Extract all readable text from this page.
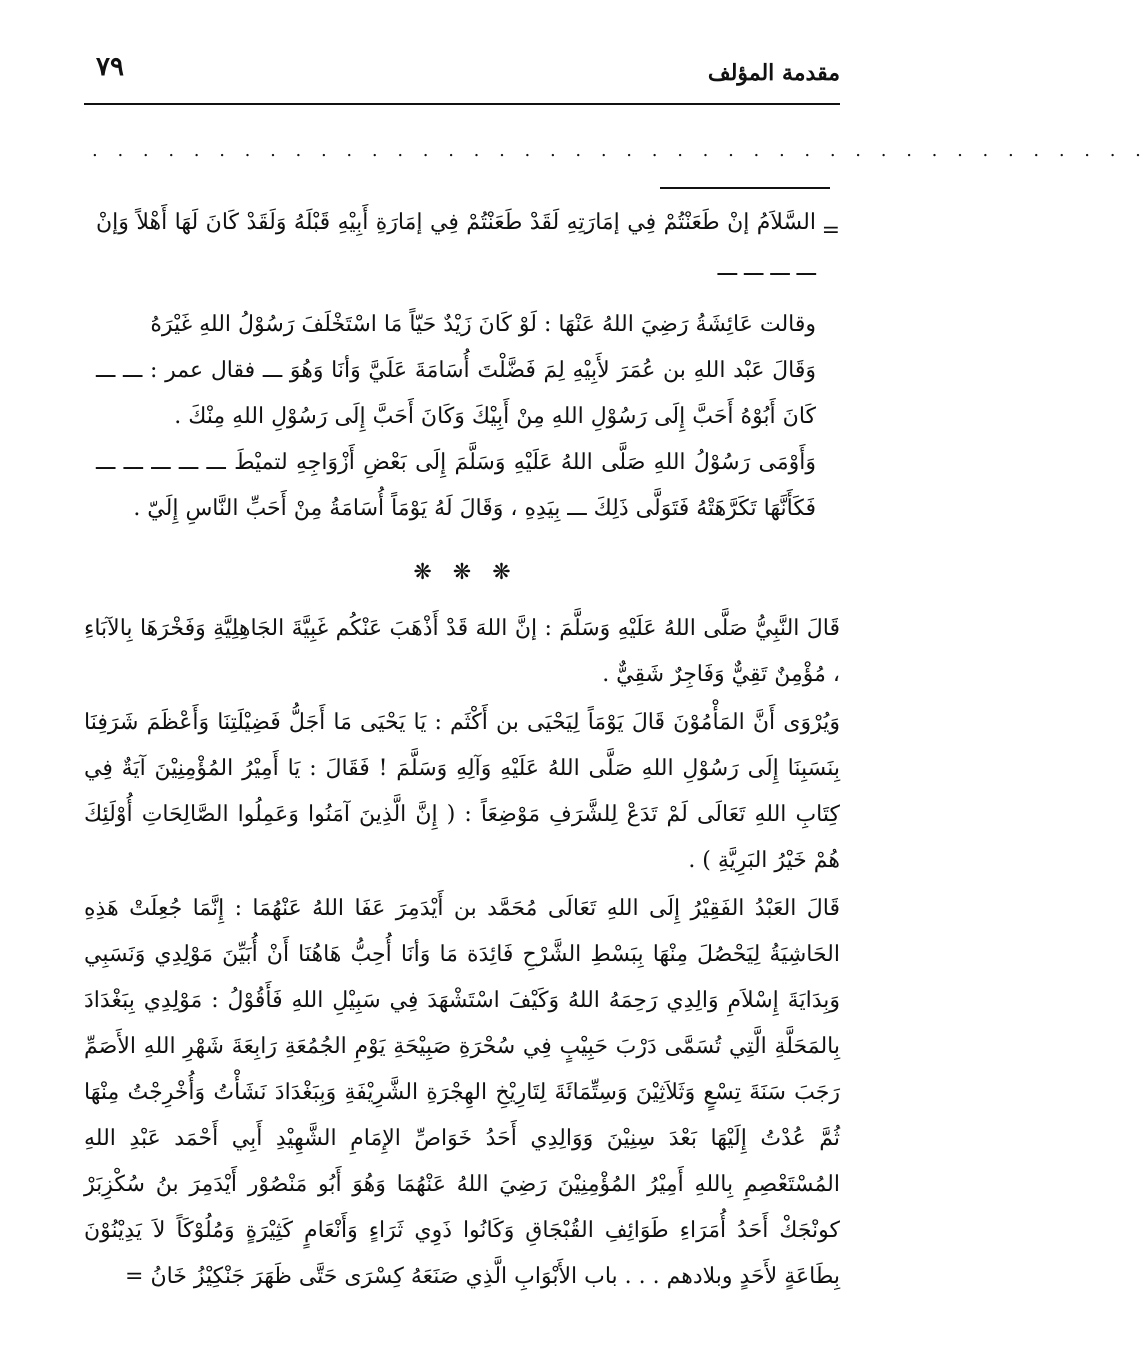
مقدمة المؤلف
٧٩
. . . . . . . . . . . . . . . . . . . . . . . . . . . . . . . . . . . . . . . . . .
=
السَّلاَمُ إنْ طَعَنْتُمْ فِي إمَارَتِهِ لَقَدْ طَعَنْتُمْ فِي إمَارَةِ أَبِيْهِ قَبْلَهُ وَلَقَدْ كَانَ لَهَا أَهْلاً وَإنْ ـــ ـــ ـــ ـــ
وقالت عَائِشَةُ رَضِيَ اللهُ عَنْهَا : لَوْ كَانَ زَيْدٌ حَيّاً مَا اسْتَخْلَفَ رَسُوْلُ اللهِ غَيْرَهُ
وَقَالَ عَبْد اللهِ بن عُمَرَ لأَبِيْهِ لِمَ فَضَّلْتَ أُسَامَةَ عَلَيَّ وَأنَا وَهُوَ ـــ فقال عمر : ـــ ـــ كَانَ أَبُوْهُ أَحَبَّ إِلَى رَسُوْلِ اللهِ مِنْ أَبِيْكَ وَكَانَ أَحَبَّ إِلَى رَسُوْلِ اللهِ مِنْكَ .
وَأَوْمَى رَسُوْلُ اللهِ صَلَّى اللهُ عَلَيْهِ وَسَلَّمَ إِلَى بَعْضِ أَزْوَاجِهِ لتميْطَ ـــ ـــ ـــ ـــ ـــ فَكَأَنَّهَا تَكَرَّهَتْهُ فَتَوَلَّى ذَلِكَ ـــ بِيَدِهِ ، وَقَالَ لَهُ يَوْمَاً أُسَامَةُ مِنْ أَحَبِّ النَّاسِ إِلَيّ .
❋ ❋ ❋
قَالَ النَّبِيُّ صَلَّى اللهُ عَلَيْهِ وَسَلَّمَ : إنَّ اللهَ قَدْ أَذْهَبَ عَنْكُم غَبِيَّةَ الجَاهِلِيَّةِ وَفَخْرَهَا بِالآبَاءِ ، مُؤْمِنٌ تَقِيٌّ وَفَاجِرٌ شَقِيٌّ .
وَيُرْوَى أَنَّ المَأْمُوْنَ قَالَ يَوْمَاً لِيَحْيَى بن أَكْثَم : يَا يَحْيَى مَا أَجَلُّ فَضِيْلَتِنَا وَأَعْظَمَ شَرَفِنَا بِنَسَبِنَا إِلَى رَسُوْلِ اللهِ صَلَّى اللهُ عَلَيْهِ وَآلِهِ وَسَلَّمَ ! فَقَالَ : يَا أَمِيْرُ المُؤْمِنِيْنَ آيَةٌ فِي كِتَابِ اللهِ تَعَالَى لَمْ تَدَعْ لِلشَّرَفِ مَوْضِعَاً : ( إِنَّ الَّذِينَ آمَنُوا وَعَمِلُوا الصَّالِحَاتِ أُوْلَئِكَ هُمْ خَيْرُ البَرِيَّةِ ) .
قَالَ العَبْدُ الفَقِيْرُ إِلَى اللهِ تَعَالَى مُحَمَّد بن أَيْدَمِرَ عَفَا اللهُ عَنْهُمَا : إِنَّمَا جُعِلَتْ هَذِهِ الحَاشِيَةُ لِيَحْصُلَ مِنْهَا بِبَسْطِ الشَّرْحِ فَائِدَة مَا وَأنَا أُحِبُّ هَاهُنَا أَنْ أُبَيِّنَ مَوْلِدِي وَنَسَبِي وَبِدَايَةَ إِسْلاَمِ وَالِدِي رَحِمَهُ اللهُ وَكَيْفَ اسْتَشْهَدَ فِي سَبِيْلِ اللهِ فَأَقُوْلُ : مَوْلِدِي بِبَغْدَادَ بِالمَحَلَّةِ الَّتِي تُسَمَّى دَرْبَ حَبِيْبٍ فِي سُحْرَةِ صَبِيْحَةِ يَوْمِ الجُمُعَةِ رَابِعَةَ شَهْرِ اللهِ الأَصَمِّ رَجَبَ سَنَةَ تِسْعٍ وَثَلاَثِيْنَ وَسِتِّمَائَةَ لِتَارِيْخِ الهِجْرَةِ الشَّرِيْفَةِ وَبِبَغْدَادَ نَشَأْتُ وَأُخْرِجْتُ مِنْهَا ثُمَّ عُدْتُ إِلَيْهَا بَعْدَ سِنِيْنَ وَوَالِدِي أَحَدُ خَوَاصِّ الإِمَامِ الشَّهِيْدِ أَبِي أَحْمَد عَبْدِ اللهِ المُسْتَعْصِمِ بِاللهِ أَمِيْرُ المُؤْمِنِيْنَ رَضِيَ اللهُ عَنْهُمَا وَهُوَ أَبُو مَنْصُوْر أَيْدَمِرَ بنُ سُكْزِبَرْ كونْجَكْ أَحَدُ أُمَرَاءِ طَوَائِفِ القُبْجَاقِ وَكَانُوا ذَوِي ثَرَاءٍ وَأَنْعَامٍ كَثِيْرَةٍ وَمُلُوْكَاً لاَ يَدِيْنُوْنَ بِطَاعَةٍ لأَحَدٍ وبلادهم . . . باب الأَبْوَابِ الَّذِي صَنَعَهُ كِسْرَى حَتَّى ظَهَرَ جَنْكِيْزُ خَانُ =
